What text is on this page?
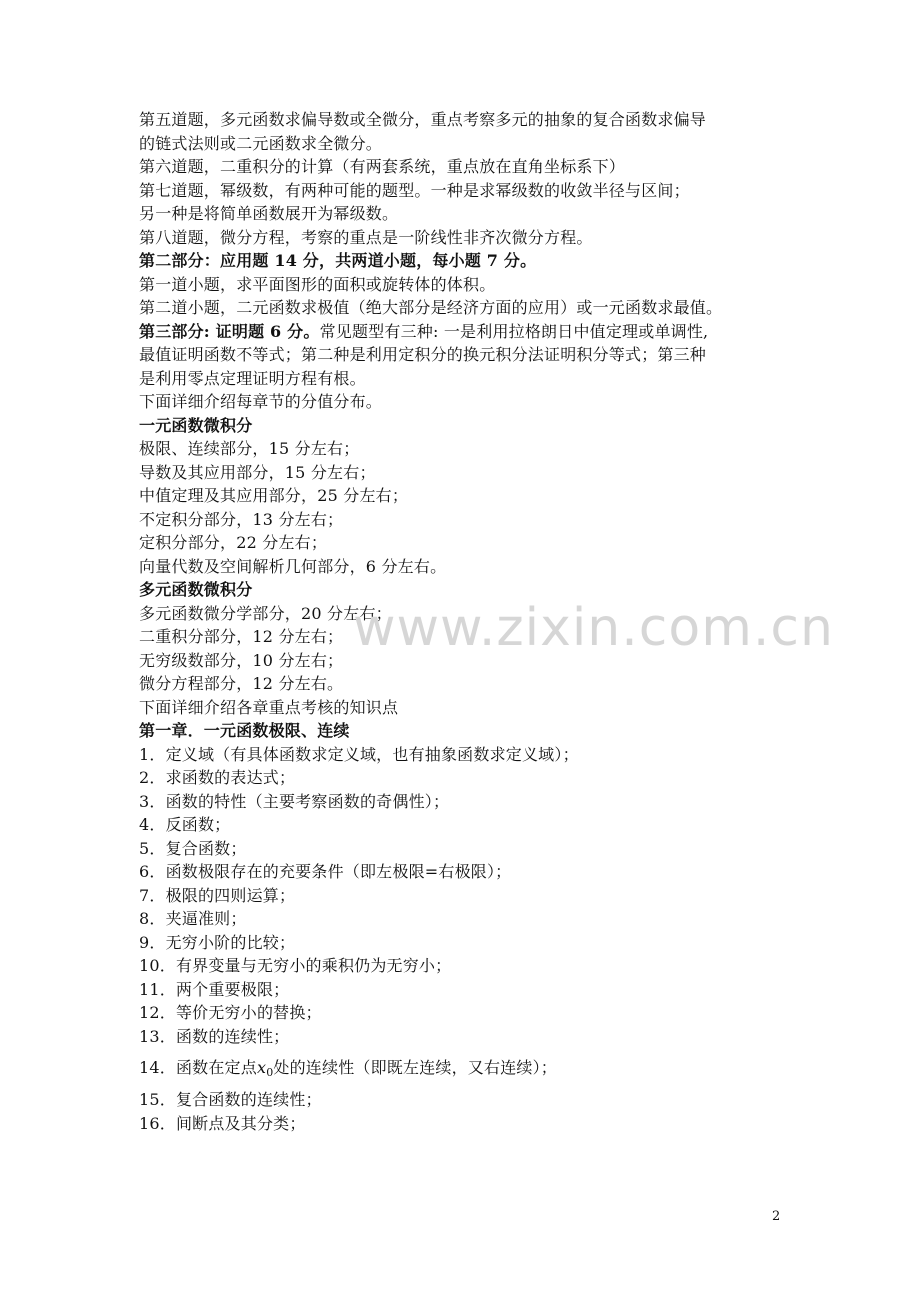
第五道题，多元函数求偏导数或全微分，重点考察多元的抽象的复合函数求偏导
的链式法则或二元函数求全微分。
第六道题，二重积分的计算（有两套系统，重点放在直角坐标系下）
第七道题，幂级数，有两种可能的题型。一种是求幂级数的收敛半径与区间；
另一种是将简单函数展开为幂级数。
第八道题，微分方程，考察的重点是一阶线性非齐次微分方程。
第二部分：应用题 14 分，共两道小题，每小题 7 分。
第一道小题，求平面图形的面积或旋转体的体积。
第二道小题，二元函数求极值（绝大部分是经济方面的应用）或一元函数求最值。
第三部分: 证明题 6 分。常见题型有三种: 一是利用拉格朗日中值定理或单调性,
最值证明函数不等式；第二种是利用定积分的换元积分法证明积分等式；第三种
是利用零点定理证明方程有根。
下面详细介绍每章节的分值分布。
一元函数微积分
极限、连续部分，15 分左右；
导数及其应用部分，15 分左右；
中值定理及其应用部分，25 分左右；
不定积分部分，13 分左右；
定积分部分，22 分左右；
向量代数及空间解析几何部分，6 分左右。
多元函数微积分
多元函数微分学部分，20 分左右；
二重积分部分，12 分左右；
无穷级数部分，10 分左右；
微分方程部分，12 分左右。
下面详细介绍各章重点考核的知识点
第一章．一元函数极限、连续
1．定义域（有具体函数求定义域，也有抽象函数求定义域）；
2．求函数的表达式；
3．函数的特性（主要考察函数的奇偶性）；
4．反函数；
5．复合函数；
6．函数极限存在的充要条件（即左极限=右极限）；
7．极限的四则运算；
8．夹逼准则；
9．无穷小阶的比较；
10．有界变量与无穷小的乘积仍为无穷小；
11．两个重要极限；
12．等价无穷小的替换；
13．函数的连续性；
14．函数在定点$x_0$处的连续性（即既左连续，又右连续）；
15．复合函数的连续性；
16．间断点及其分类；
www.zixin.com.cn
2
